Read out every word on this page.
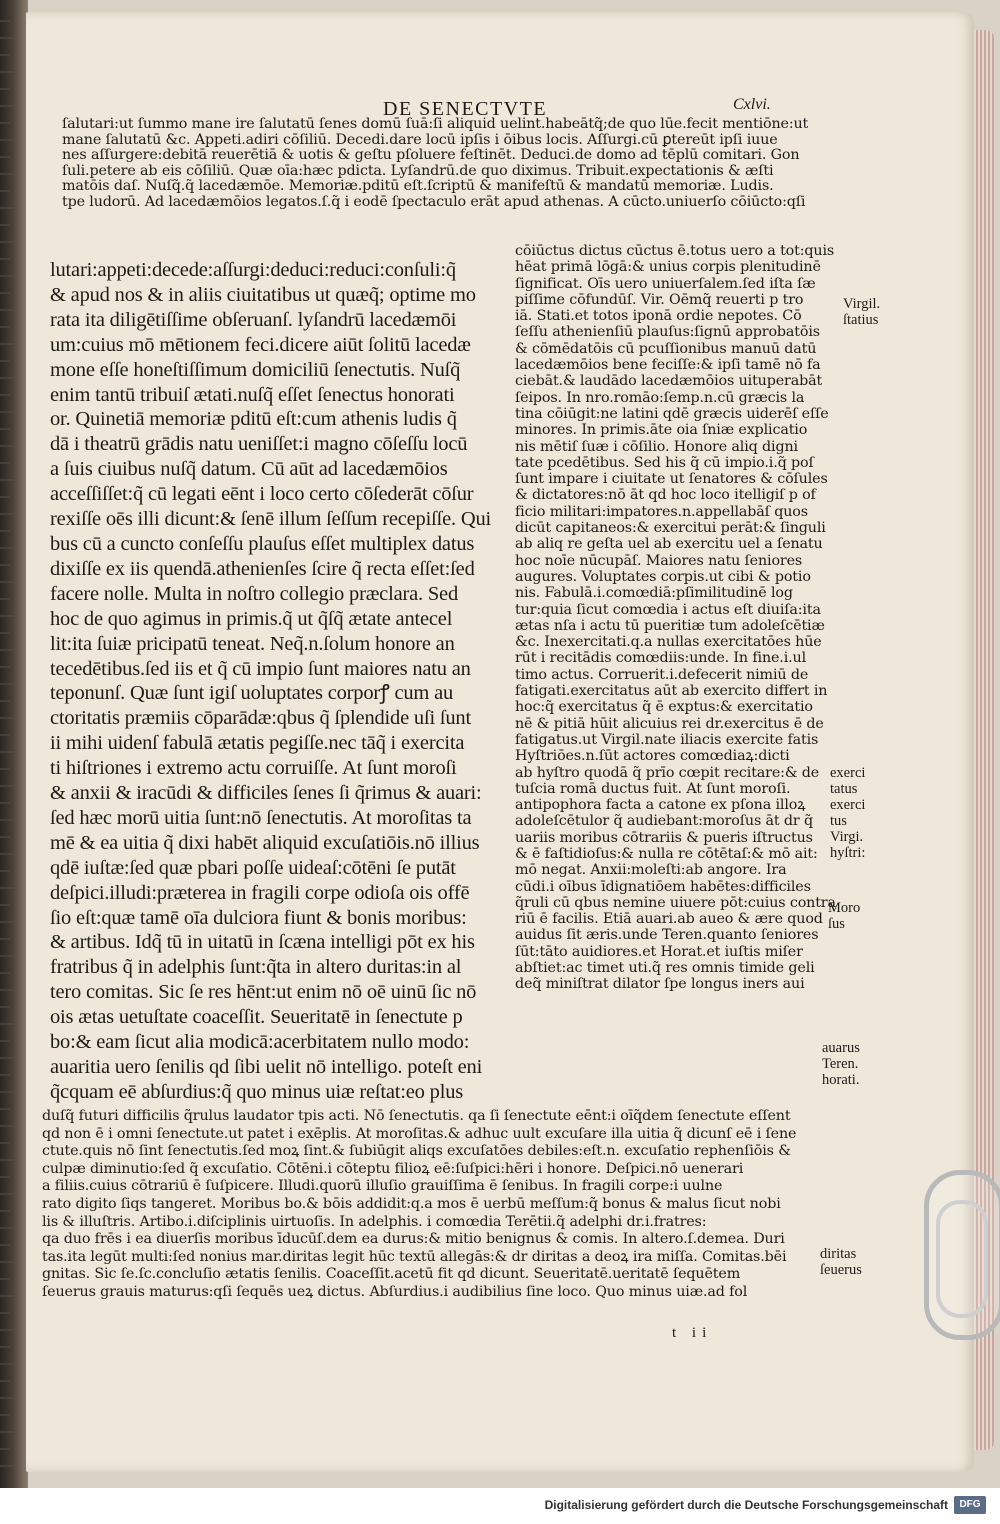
DE SENECTVTE	Cxlvi.
ſalutari:ut ſummo mane ire ſalutatū ſenes domū ſuā:ſi aliquid uelint.habeātq̃;de quo lūe.fecit mentiōne:ut
mane ſalutatū &c. Appeti.adiri cōſiliū. Decedi.dare locū ipſis i ōibus locis. Aſſurgi.cū ꝑtereūt ipſi iuue
nes aſſurgere:debitā reuerētiā & uotis & geſtu pſoluere feſtinēt. Deduci.de domo ad tēplū comitari. Gon
ſuli.petere ab eis cōſiliū. Quæ oīa:hæc pdicta. Lyſandrū.de quo diximus. Tribuit.expectationis & æſti
matōis daſ. Nuſq̃.q̃ lacedæmōe. Memoriæ.pditū eſt.ſcriptū & manifeſtū & mandatū memoriæ. Ludis.
tpe ludorū. Ad lacedæmōios legatos.ſ.q̃ i eodē ſpectaculo erāt apud athenas. A cūcto.uniuerſo cōiūcto:qſi
lutari:appeti:decede:aſſurgi:deduci:reduci:conſuli:q̃
& apud nos & in aliis ciuitatibus ut quæq̃; optime mo
rata ita diligētiſſime obſeruanſ. lyſandrū lacedæmōi
um:cuius mō mētionem feci.dicere aiūt ſolitū lacedæ
mone eſſe honeſtiſſimum domiciliū ſenectutis. Nuſq̃
enim tantū tribuiſ ætati.nuſq̃ eſſet ſenectus honorati
or. Quinetiā memoriæ pditū eſt:cum athenis ludis q̃
dā i theatrū grādis natu ueniſſet:i magno cōſeſſu locū
a ſuis ciuibus nuſq̃ datum. Cū aūt ad lacedæmōios
acceſſiſſet:q̃ cū legati eēnt i loco certo cōſederāt cōſur
rexiſſe oēs illi dicunt:& ſenē illum ſeſſum recepiſſe. Qui
bus cū a cuncto conſeſſu plauſus eſſet multiplex datus
dixiſſe ex iis quendā.athenienſes ſcire q̃ recta eſſet:ſed
facere nolle. Multa in noſtro collegio præclara. Sed
hoc de quo agimus in primis.q̃ ut q̃ſq̃ ætate antecel
lit:ita ſuiæ pricipatū teneat. Neq̃.n.ſolum honore an
tecedētibus.ſed iis et q̃ cū impio ſunt maiores natu an
teponunſ. Quæ ſunt igiſ uoluptates corporꝭ cum au
ctoritatis præmiis cōparādæ:qbus q̃ ſplendide uſi ſunt
ii mihi uidenſ fabulā ætatis pegiſſe.nec tāq̃ i exercita
ti hiſtriones i extremo actu corruiſſe. At ſunt moroſi
& anxii & iracūdi & difficiles ſenes ſi q̃rimus & auari:
ſed hæc morū uitia ſunt:nō ſenectutis. At moroſitas ta
mē & ea uitia q̃ dixi habēt aliquid excuſatiōis.nō illius
qdē iuſtæ:ſed quæ pbari poſſe uideaſ:cōtēni ſe putāt
deſpici.illudi:præterea in fragili corpe odioſa ois offē
ſio eſt:quæ tamē oīa dulciora fiunt & bonis moribus:
& artibus. Idq̃ tū in uitatū in ſcæna intelligi pōt ex his
fratribus q̃ in adelphis ſunt:q̃ta in altero duritas:in al
tero comitas. Sic ſe res hēnt:ut enim nō oē uinū ſic nō
ois ætas uetuſtate coaceſſit. Seueritatē in ſenectute p
bo:& eam ſicut alia modicā:acerbitatem nullo modo:
auaritia uero ſenilis qd ſibi uelit nō intelligo. poteſt eni
q̃cquam eē abſurdius:q̃ quo minus uiæ reſtat:eo plus
cōiūctus dictus cūctus ē.totus uero a tot:quis
hēat primā lōgā:& unius corpis plenitudinē
ſignificat. Oīs uero uniuerſalem.ſed iſta ſæ
piſſime cōfundūſ. Vir. Oēmq̃ reuerti p tro
iā. Stati.et totos iponā ordie nepotes. Cō
ſeſſu athenienſiū plauſus:ſignū approbatōis
& cōmēdatōis cū pcuſſionibus manuū datū
lacedæmōios bene feciſſe:& ipſi tamē nō fa
ciebāt.& laudādo lacedæmōios uituperabāt
ſeipos. In nro.romāo:ſemp.n.cū græcis la
tina cōiūgit:ne latini qdē græcis uiderēſ eſſe
minores. In primis.āte oia ſniæ explicatio
nis mētiſ ſuæ i cōſilio. Honore aliq digni
tate pcedētibus. Sed his q̃ cū impio.i.q̃ poſ
ſunt impare i ciuitate ut ſenatores & cōſules
& dictatores:nō āt qd hoc loco itelligiſ p of
ficio militari:impatores.n.appellabāſ quos
dicūt capitaneos:& exercitui perāt:& ſinguli
ab aliq re geſta uel ab exercitu uel a ſenatu
hoc noīe nūcupāſ. Maiores natu ſeniores
augures. Voluptates corpis.ut cibi & potio
nis. Fabulā.i.comœdiā:pſimilitudinē log
tur:quia ſicut comœdia i actus eſt diuiſa:ita
ætas nſa i actu tū pueritiæ tum adoleſcētiæ
&c. Inexercitati.q.a nullas exercitatōes hūe
rūt i recitādis comœdiis:unde. In fine.i.ul
timo actus. Corruerit.i.defecerit nimiū de
fatigati.exercitatus aūt ab exercito differt in
hoc:q̃ exercitatus q̃ ē exptus:& exercitatio
nē & pitiā hūit alicuius rei dr.exercitus ē de
fatigatus.ut Virgil.nate iliacis exercite fatis
Hyſtriōes.n.ſūt actores comœdiaꝝ:dicti
ab hyſtro quodā q̃ prīo cœpit recitare:& de
tuſcia romā ductus fuit. At ſunt moroſi.
antipophora facta a catone ex pſona illoꝝ
adoleſcētulor q̃ audiebant:moroſus āt dr q̃
uariis moribus cōtrariis & pueris iſtructus
& ē faſtidioſus:& nulla re cōtētaſ:& mō ait:
mō negat. Anxii:moleſti:ab angore. Ira
cūdi.i oībus īdignatiōem habētes:difficiles
q̃ruli cū qbus nemine uiuere pōt:cuius contra
riū ē facilis. Etiā auari.ab aueo & ære quod
auidus ſit æris.unde Teren.quanto ſeniores
ſūt:tāto auidiores.et Horat.et iuſtis miſer
abſtiet:ac timet uti.q̃ res omnis timide geli
deq̃ miniſtrat dilator ſpe longus iners aui
duſq̃ futuri difficilis q̃rulus laudator tpis acti. Nō ſenectutis. qa ſi ſenectute eēnt:i oīq̃dem ſenectute eſſent
qd non ē i omni ſenectute.ut patet i exēplis. At moroſitas.& adhuc uult excuſare illa uitia q̃ dicunſ eē i ſene
ctute.quis nō ſint ſenectutis.ſed moꝝ ſint.& ſubiūgit aliqs excuſatōes debiles:eſt.n. excuſatio rephenſiōis &
culpæ diminutio:ſed q̃ excuſatio. Cōtēni.i cōteptu filioꝝ eē:ſuſpici:hēri i honore. Deſpici.nō uenerari
a filiis.cuius cōtrariū ē ſuſpicere. Illudi.quorū illuſio grauiſſima ē ſenibus. In fragili corpe:i uulne
rato digito ſiqs tangeret. Moribus bo.& bōis addidit:q.a mos ē uerbū meſſum:q̃ bonus & malus ſicut nobi
lis & illuſtris. Artibo.i.diſciplinis uirtuoſis. In adelphis. i comœdia Terētii.q̃ adelphi dr.i.fratres:
qa duo frēs i ea diuerſis moribus īducūſ.dem ea durus:& mitio benignus & comis. In altero.ſ.demea. Duri
tas.ita legūt multi:ſed nonius mar.diritas legit hūc textū allegās:& dr diritas a deoꝝ ira miſſa. Comitas.bēi
gnitas. Sic ſe.ſc.concluſio ætatis ſenilis. Coaceſſit.acetū fit qd dicunt. Seueritatē.ueritatē ſequētem
ſeuerus grauis maturus:qſi ſequēs ueꝝ dictus. Abſurdius.i audibilius ſine loco. Quo minus uiæ.ad fol
Virgil.
ſtatius
exerci
tatus
exerci
tus
Virgi.
hyſtri:
Moro
ſus
auarus
Teren.
horati.
diritas
ſeuerus
t ii
Digitalisierung gefördert durch die Deutsche Forschungsgemeinschaft	DFG
